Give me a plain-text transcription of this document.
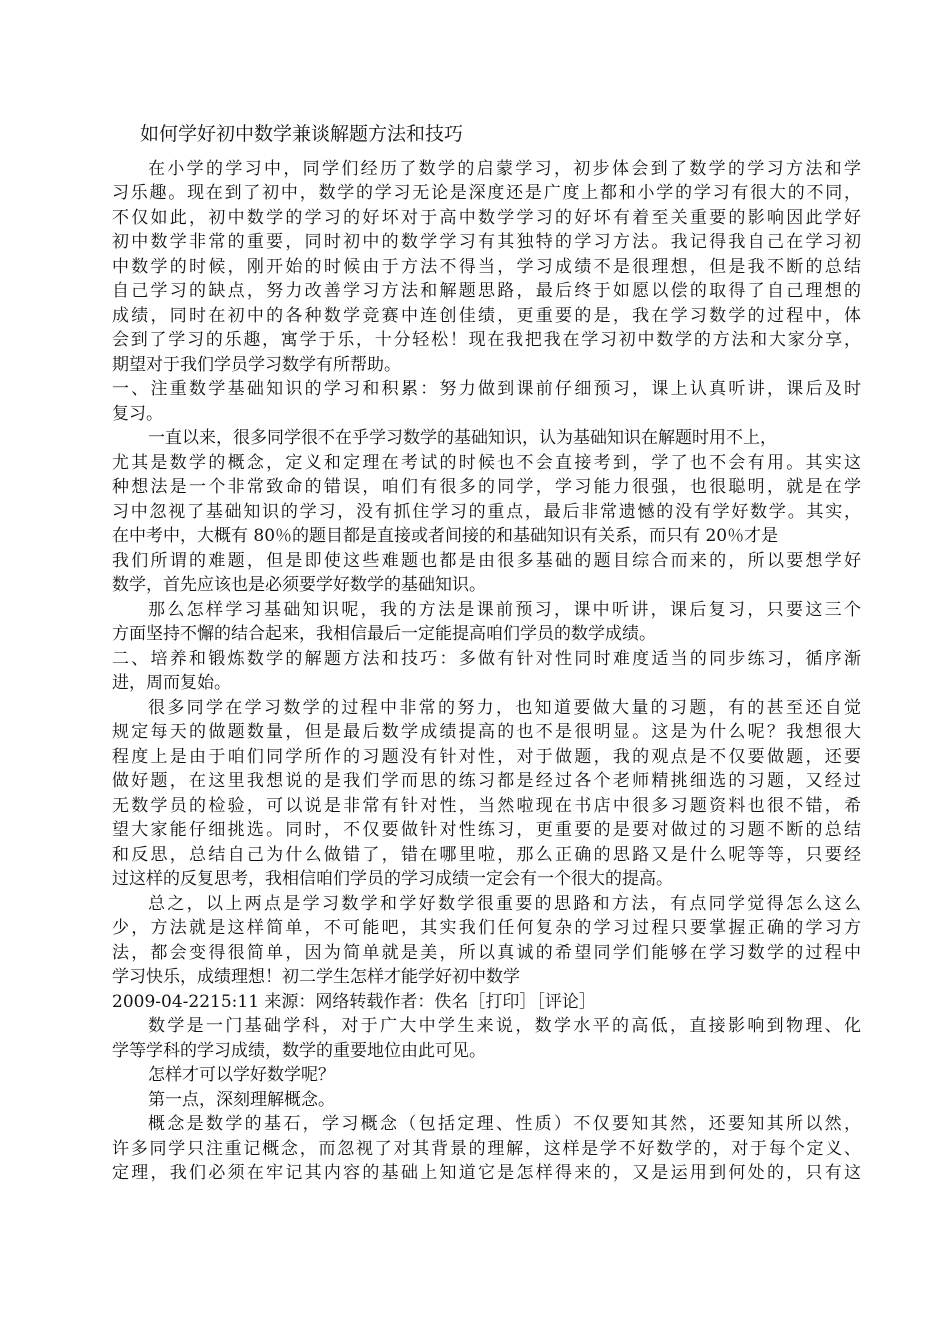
如何学好初中数学兼谈解题方法和技巧
在小学的学习中，同学们经历了数学的启蒙学习，初步体会到了数学的学习方法和学
习乐趣。现在到了初中，数学的学习无论是深度还是广度上都和小学的学习有很大的不同，
不仅如此，初中数学的学习的好坏对于高中数学学习的好坏有着至关重要的影响因此学好
初中数学非常的重要，同时初中的数学学习有其独特的学习方法。我记得我自己在学习初
中数学的时候，刚开始的时候由于方法不得当，学习成绩不是很理想，但是我不断的总结
自己学习的缺点，努力改善学习方法和解题思路，最后终于如愿以偿的取得了自己理想的
成绩，同时在初中的各种数学竞赛中连创佳绩，更重要的是，我在学习数学的过程中，体
会到了学习的乐趣，寓学于乐，十分轻松！现在我把我在学习初中数学的方法和大家分享，
期望对于我们学员学习数学有所帮助。
一、注重数学基础知识的学习和积累：努力做到课前仔细预习，课上认真听讲，课后及时
复习。
一直以来，很多同学很不在乎学习数学的基础知识，认为基础知识在解题时用不上，
尤其是数学的概念，定义和定理在考试的时候也不会直接考到，学了也不会有用。其实这
种想法是一个非常致命的错误，咱们有很多的同学，学习能力很强，也很聪明，就是在学
习中忽视了基础知识的学习，没有抓住学习的重点，最后非常遗憾的没有学好数学。其实，
在中考中，大概有 80％的题目都是直接或者间接的和基础知识有关系，而只有 20％才是
我们所谓的难题，但是即使这些难题也都是由很多基础的题目综合而来的，所以要想学好
数学，首先应该也是必须要学好数学的基础知识。
那么怎样学习基础知识呢，我的方法是课前预习，课中听讲，课后复习，只要这三个
方面坚持不懈的结合起来，我相信最后一定能提高咱们学员的数学成绩。
二、培养和锻炼数学的解题方法和技巧：多做有针对性同时难度适当的同步练习，循序渐
进，周而复始。
很多同学在学习数学的过程中非常的努力，也知道要做大量的习题，有的甚至还自觉
规定每天的做题数量，但是最后数学成绩提高的也不是很明显。这是为什么呢？我想很大
程度上是由于咱们同学所作的习题没有针对性，对于做题，我的观点是不仅要做题，还要
做好题，在这里我想说的是我们学而思的练习都是经过各个老师精挑细选的习题，又经过
无数学员的检验，可以说是非常有针对性，当然啦现在书店中很多习题资料也很不错，希
望大家能仔细挑选。同时，不仅要做针对性练习，更重要的是要对做过的习题不断的总结
和反思，总结自己为什么做错了，错在哪里啦，那么正确的思路又是什么呢等等，只要经
过这样的反复思考，我相信咱们学员的学习成绩一定会有一个很大的提高。
总之，以上两点是学习数学和学好数学很重要的思路和方法，有点同学觉得怎么这么
少，方法就是这样简单，不可能吧，其实我们任何复杂的学习过程只要掌握正确的学习方
法，都会变得很简单，因为简单就是美，所以真诚的希望同学们能够在学习数学的过程中
学习快乐，成绩理想！初二学生怎样才能学好初中数学
2009-04-2215:11 来源：网络转载作者：佚名［打印］［评论］
数学是一门基础学科，对于广大中学生来说，数学水平的高低，直接影响到物理、化
学等学科的学习成绩，数学的重要地位由此可见。
怎样才可以学好数学呢？
第一点，深刻理解概念。
概念是数学的基石，学习概念（包括定理、性质）不仅要知其然，还要知其所以然，
许多同学只注重记概念，而忽视了对其背景的理解，这样是学不好数学的，对于每个定义、
定理，我们必须在牢记其内容的基础上知道它是怎样得来的，又是运用到何处的，只有这
